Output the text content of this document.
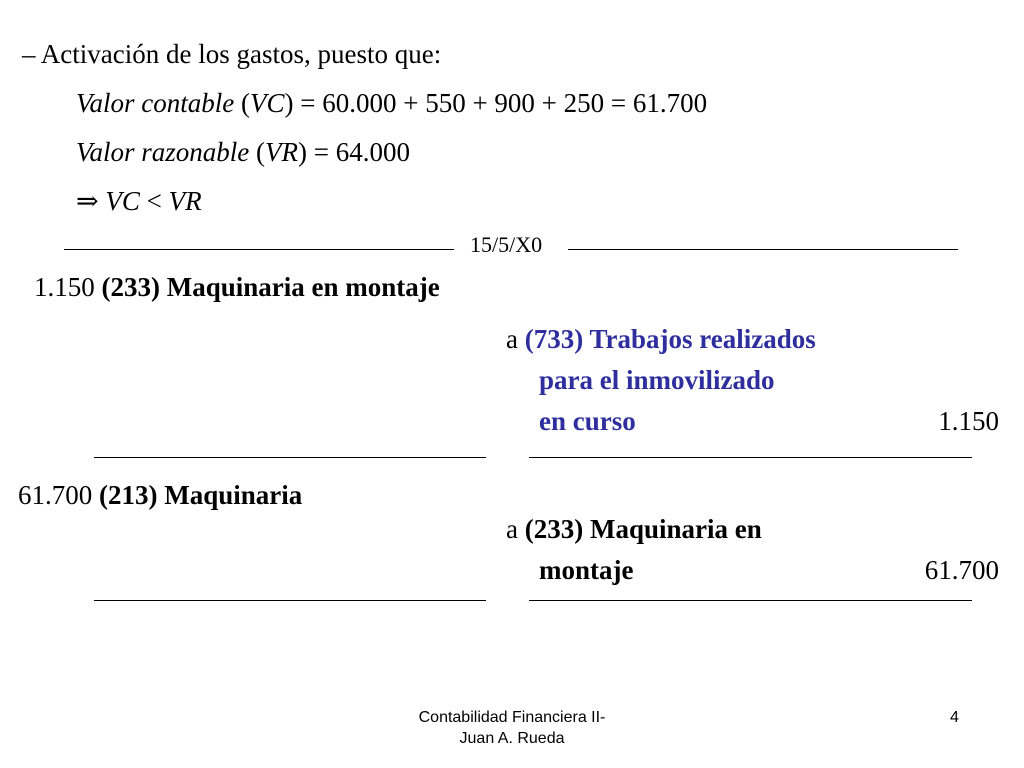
– Activación de los gastos, puesto que:
Valor contable (VC) = 60.000 + 550 + 900 + 250 = 61.700
Valor razonable (VR) = 64.000
⇒ VC < VR
15/5/X0
1.150 (233) Maquinaria en montaje
a (733) Trabajos realizados
para el inmovilizado
en curso	1.150
61.700 (213) Maquinaria
a (233) Maquinaria en
montaje	61.700
Contabilidad Financiera II-
Juan A. Rueda
4
